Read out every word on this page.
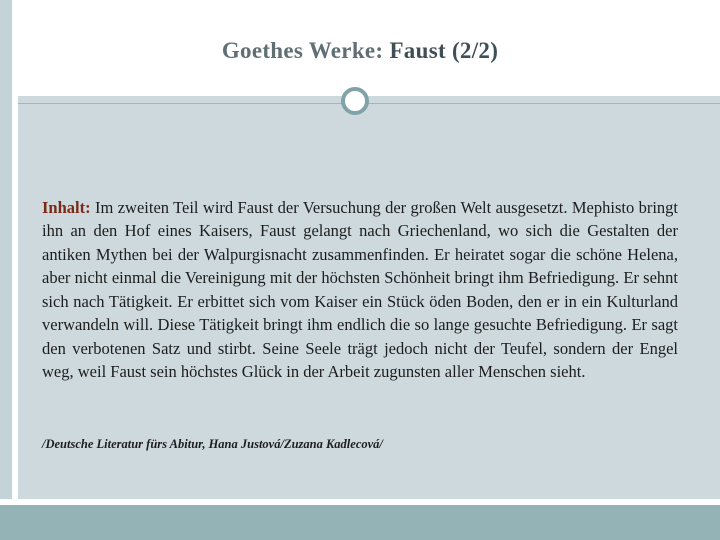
Goethes Werke: Faust (2/2)
Inhalt: Im zweiten Teil wird Faust der Versuchung der großen Welt ausgesetzt. Mephisto bringt ihn an den Hof eines Kaisers, Faust gelangt nach Griechenland, wo sich die Gestalten der antiken Mythen bei der Walpurgisnacht zusammenfinden. Er heiratet sogar die schöne Helena, aber nicht einmal die Vereinigung mit der höchsten Schönheit bringt ihm Befriedigung. Er sehnt sich nach Tätigkeit. Er erbittet sich vom Kaiser ein Stück öden Boden, den er in ein Kulturland verwandeln will. Diese Tätigkeit bringt ihm endlich die so lange gesuchte Befriedigung. Er sagt den verbotenen Satz und stirbt. Seine Seele trägt jedoch nicht der Teufel, sondern der Engel weg, weil Faust sein höchstes Glück in der Arbeit zugunsten aller Menschen sieht.
/Deutsche Literatur fürs Abitur, Hana Justová/Zuzana Kadlecová/
